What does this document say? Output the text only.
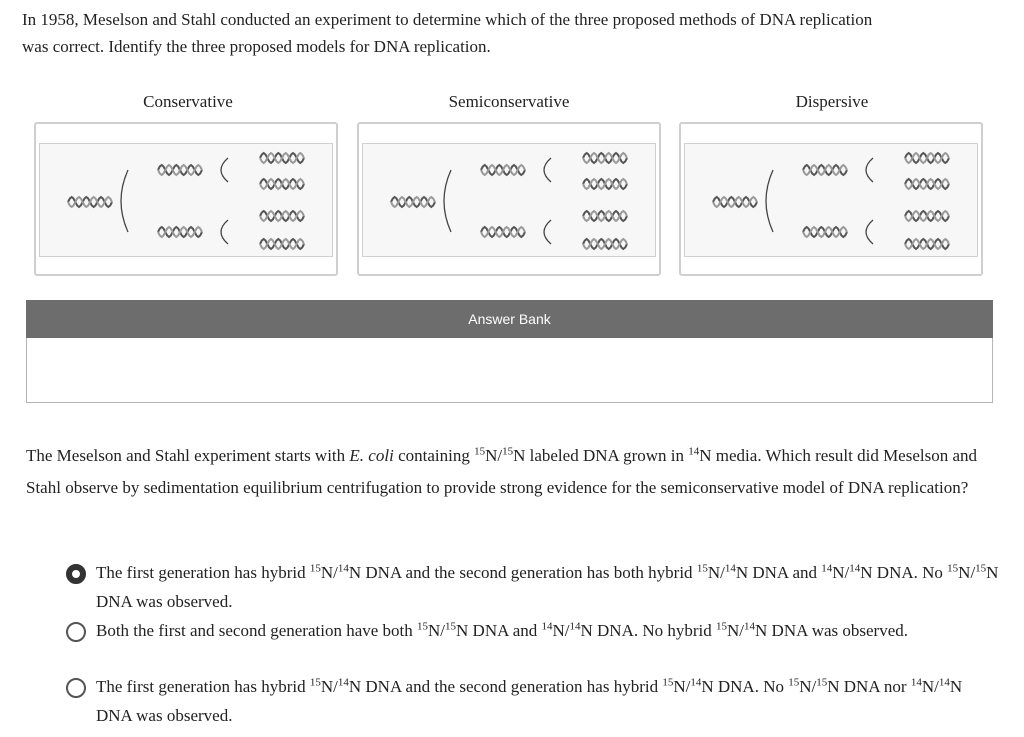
In 1958, Meselson and Stahl conducted an experiment to determine which of the three proposed methods of DNA replication
was correct. Identify the three proposed models for DNA replication.
Conservative	Semiconservative	Dispersive
Answer Bank
The Meselson and Stahl experiment starts with E. coli containing $^{15}$N/$^{15}$N labeled DNA grown in $^{14}$N media. Which result did Meselson and Stahl observe by sedimentation equilibrium centrifugation to provide strong evidence for the semiconservative model of DNA replication?
The first generation has hybrid $^{15}$N/$^{14}$N DNA and the second generation has both hybrid $^{15}$N/$^{14}$N DNA and $^{14}$N/$^{14}$N DNA. No $^{15}$N/$^{15}$N DNA was observed.
Both the first and second generation have both $^{15}$N/$^{15}$N DNA and $^{14}$N/$^{14}$N DNA. No hybrid $^{15}$N/$^{14}$N DNA was observed.
The first generation has hybrid $^{15}$N/$^{14}$N DNA and the second generation has hybrid $^{15}$N/$^{14}$N DNA. No $^{15}$N/$^{15}$N DNA nor $^{14}$N/$^{14}$N DNA was observed.
